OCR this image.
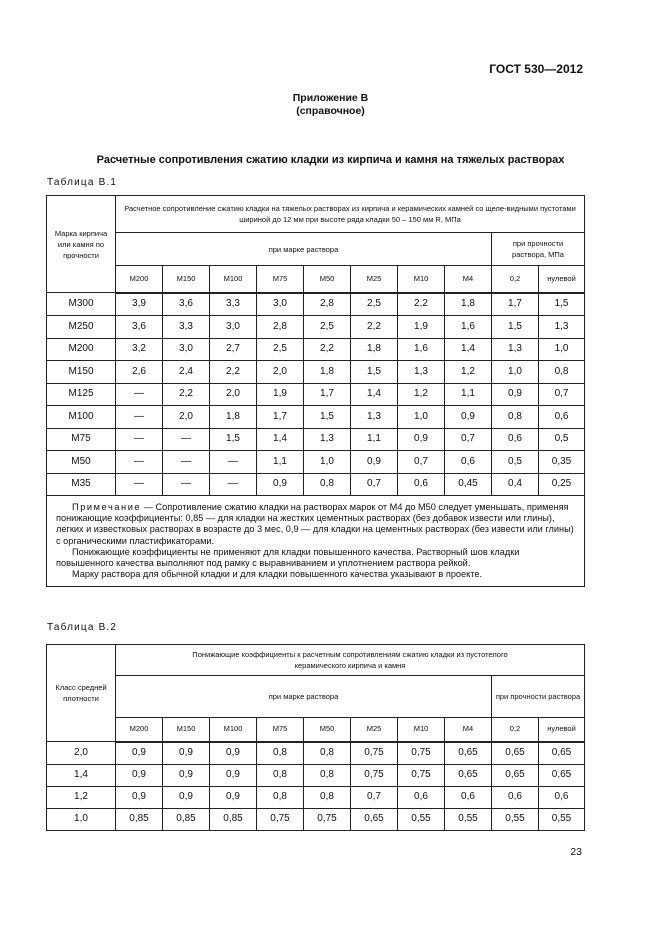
ГОСТ 530—2012
Приложение В
(справочное)
Расчетные сопротивления сжатию кладки из кирпича и камня на тяжелых растворах
Таблица В.1
Марка кирпича или камня по прочности	Расчетное сопротивление сжатию кладки на тяжелых растворах из кирпича и керамических камней со щеле-видными пустотами шириной до 12 мм при высоте ряда кладки 50 – 150 мм R, МПа									
	при марке раствора								при прочности раствора, МПа	
	М200	М150	М100	М75	М50	М25	М10	М4	0,2	нулевой
М300	3,9	3,6	3,3	3,0	2,8	2,5	2,2	1,8	1,7	1,5
М250	3,6	3,3	3,0	2,8	2,5	2,2	1,9	1,6	1,5	1,3
М200	3,2	3,0	2,7	2,5	2,2	1,8	1,6	1,4	1,3	1,0
М150	2,6	2,4	2,2	2,0	1,8	1,5	1,3	1,2	1,0	0,8
М125	—	2,2	2,0	1,9	1,7	1,4	1,2	1,1	0,9	0,7
М100	—	2,0	1,8	1,7	1,5	1,3	1,0	0,9	0,8	0,6
М75	—	—	1,5	1,4	1,3	1,1	0,9	0,7	0,6	0,5
М50	—	—	—	1,1	1,0	0,9	0,7	0,6	0,5	0,35
М35	—	—	—	0,9	0,8	0,7	0,6	0,45	0,4	0,25

Примечание — Сопротивление сжатию кладки на растворах марок от М4 до М50 следует уменьшать, применяя понижающие коэффициенты: 0,85 — для кладки на жестких цементных растворах (без добавок извести или глины), легких и известковых растворах в возрасте до 3 мес, 0,9 — для кладки на цементных растворах (без извести или глины) с органическими пластификаторами.

Понижающие коэффициенты не применяют для кладки повышенного качества. Растворный шов кладки повышенного качества выполняют под рамку с выравниванием и уплотнением раствора рейкой.

Марку раствора для обычной кладки и для кладки повышенного качества указывают в проекте.										

Таблица В.2
Класс средней плотности	Понижающие коэффициенты к расчетным сопротивлениям сжатию кладки из пустотелого керамического кирпича и камня									
	при марке раствора								при прочности раствора	
	М200	М150	М100	М75	М50	М25	М10	М4	0,2	нулевой
2,0	0,9	0,9	0,9	0,8	0,8	0,75	0,75	0,65	0,65	0,65
1,4	0,9	0,9	0,9	0,8	0,8	0,75	0,75	0,65	0,65	0,65
1,2	0,9	0,9	0,9	0,8	0,8	0,7	0,6	0,6	0,6	0,6
1,0	0,85	0,85	0,85	0,75	0,75	0,65	0,55	0,55	0,55	0,55
23
